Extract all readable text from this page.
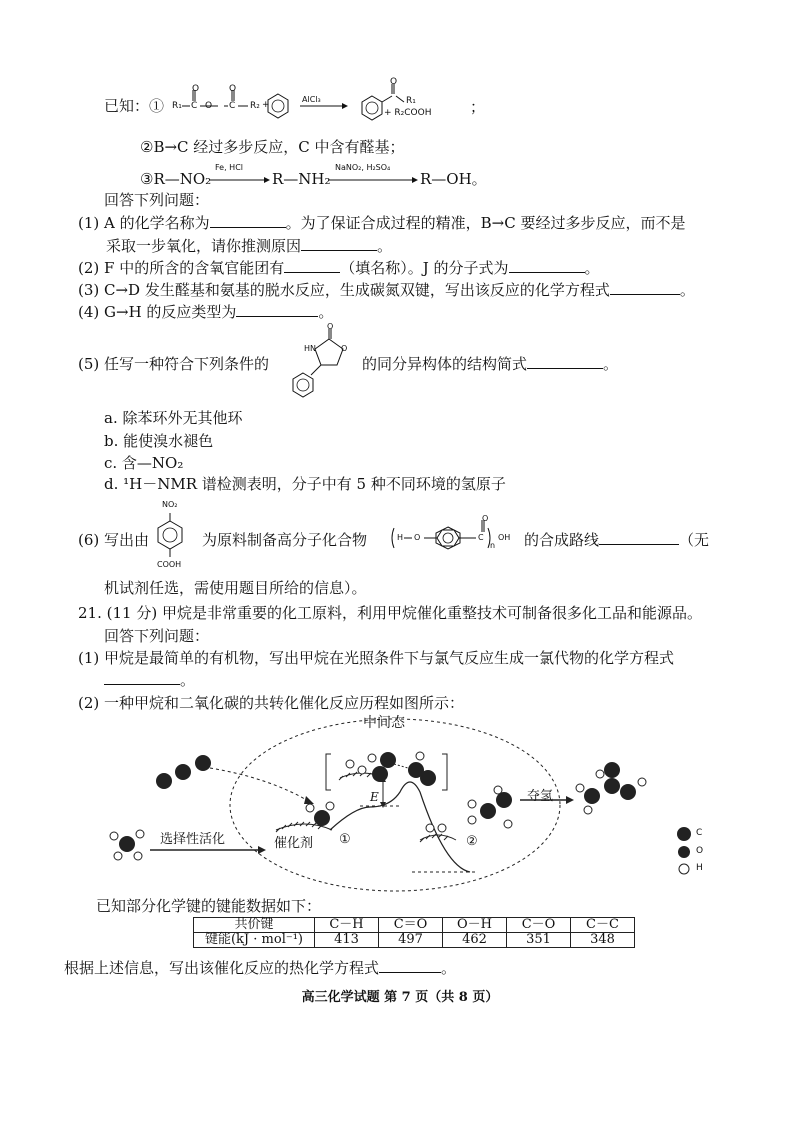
已知：① R₁ C O C R₂ +
O	O
AlCl₃
O
R₁
+ R₂COOH	；
②B→C 经过多步反应，C 中含有醛基；
③R—NO₂
Fe, HCl
R—NH₂
NaNO₂, H₂SO₄
R—OH。
回答下列问题：
(1) A 的化学名称为	。为了保证合成过程的精准，B→C 要经过多步反应，而不是
采取一步氧化，请你推测原因	。
(2) F 中的所含的含氧官能团有	（填名称）。J 的分子式为	。
(3) C→D 发生醛基和氨基的脱水反应，生成碳氮双键，写出该反应的化学方程式	。
(4) G→H 的反应类型为	。
(5) 任写一种符合下列条件的
O
HN	O
的同分异构体的结构简式	。
a. 除苯环外无其他环
b. 能使溴水褪色
c. 含—NO₂
d. ¹H－NMR 谱检测表明，分子中有 5 种不同环境的氢原子
(6) 写出由
NO₂
COOH
为原料制备高分子化合物	H O	C
O
n
OH 的合成路线	（无
机试剂任选，需使用题目所给的信息）。
21. (11 分) 甲烷是非常重要的化工原料，利用甲烷催化重整技术可制备很多化工品和能源品。
回答下列问题：
(1) 甲烷是最简单的有机物，写出甲烷在光照条件下与氯气反应生成一氯代物的化学方程式
。
(2) 一种甲烷和二氧化碳的共转化催化反应历程如图所示：
中间态
选择性活化	催化剂 ①	②
E	夺氢
C
O
H
已知部分化学键的键能数据如下：
共价键	C－H	C＝O	O－H	C－O	C－C
键能(kJ · mol⁻¹)	413	497	462	351	348
根据上述信息，写出该催化反应的热化学方程式	。
高三化学试题 第 7 页（共 8 页）
